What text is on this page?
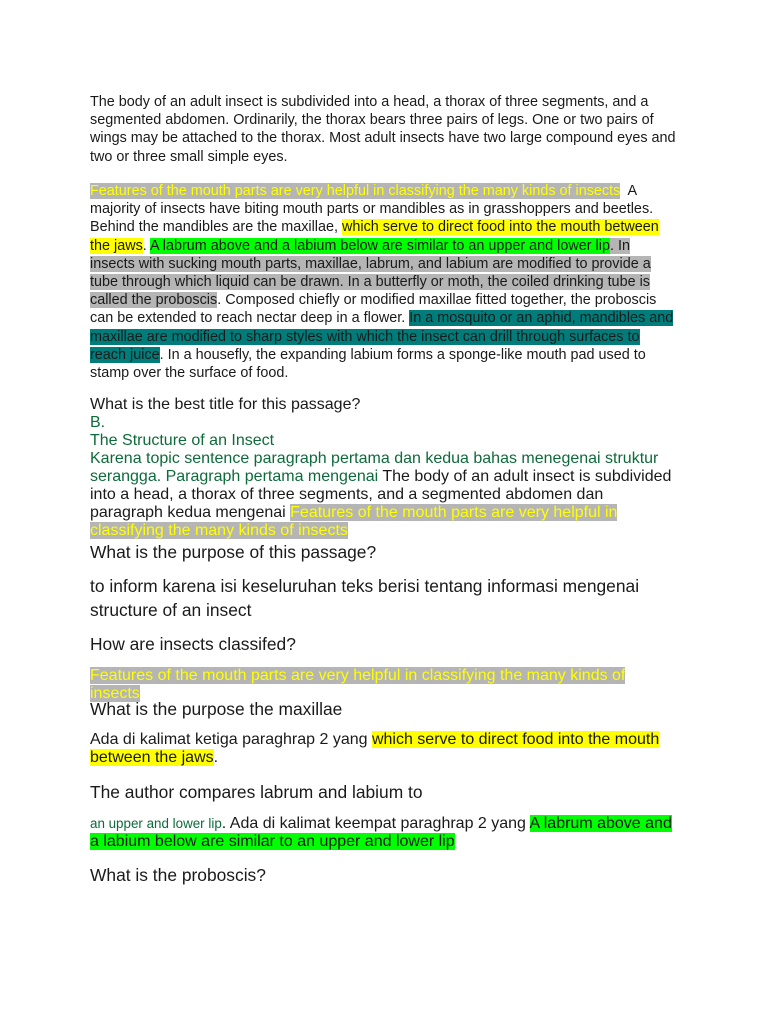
The body of an adult insect is subdivided into a head, a thorax of three segments, and a segmented abdomen. Ordinarily, the thorax bears three pairs of legs. One or two pairs of wings may be attached to the thorax. Most adult insects have two large compound eyes and two or three small simple eyes.

Features of the mouth parts are very helpful in classifying the many kinds of insects A majority of insects have biting mouth parts or mandibles as in grasshoppers and beetles. Behind the mandibles are the maxillae, which serve to direct food into the mouth between the jaws. A labrum above and a labium below are similar to an upper and lower lip. In insects with sucking mouth parts, maxillae, labrum, and labium are modified to provide a tube through which liquid can be drawn. In a butterfly or moth, the coiled drinking tube is called the proboscis. Composed chiefly or modified maxillae fitted together, the proboscis can be extended to reach nectar deep in a flower. In a mosquito or an aphid, mandibles and maxillae are modified to sharp styles with which the insect can drill through surfaces to reach juice. In a housefly, the expanding labium forms a sponge-like mouth pad used to stamp over the surface of food.

What is the best title for this passage?
B.
The Structure of an Insect
Karena topic sentence paragraph pertama dan kedua bahas menegenai struktur serangga. Paragraph pertama mengenai The body of an adult insect is subdivided into a head, a thorax of three segments, and a segmented abdomen dan paragraph kedua mengenai Features of the mouth parts are very helpful in classifying the many kinds of insects
What is the purpose of this passage?
to inform karena isi keseluruhan teks berisi tentang informasi mengenai structure of an insect
How are insects classifed?
Features of the mouth parts are very helpful in classifying the many kinds of insects
What is the purpose the maxillae
Ada di kalimat ketiga paraghrap 2 yang which serve to direct food into the mouth between the jaws.
The author compares labrum and labium to
an upper and lower lip. Ada di kalimat keempat paraghrap 2 yang A labrum above and a labium below are similar to an upper and lower lip
What is the proboscis?
